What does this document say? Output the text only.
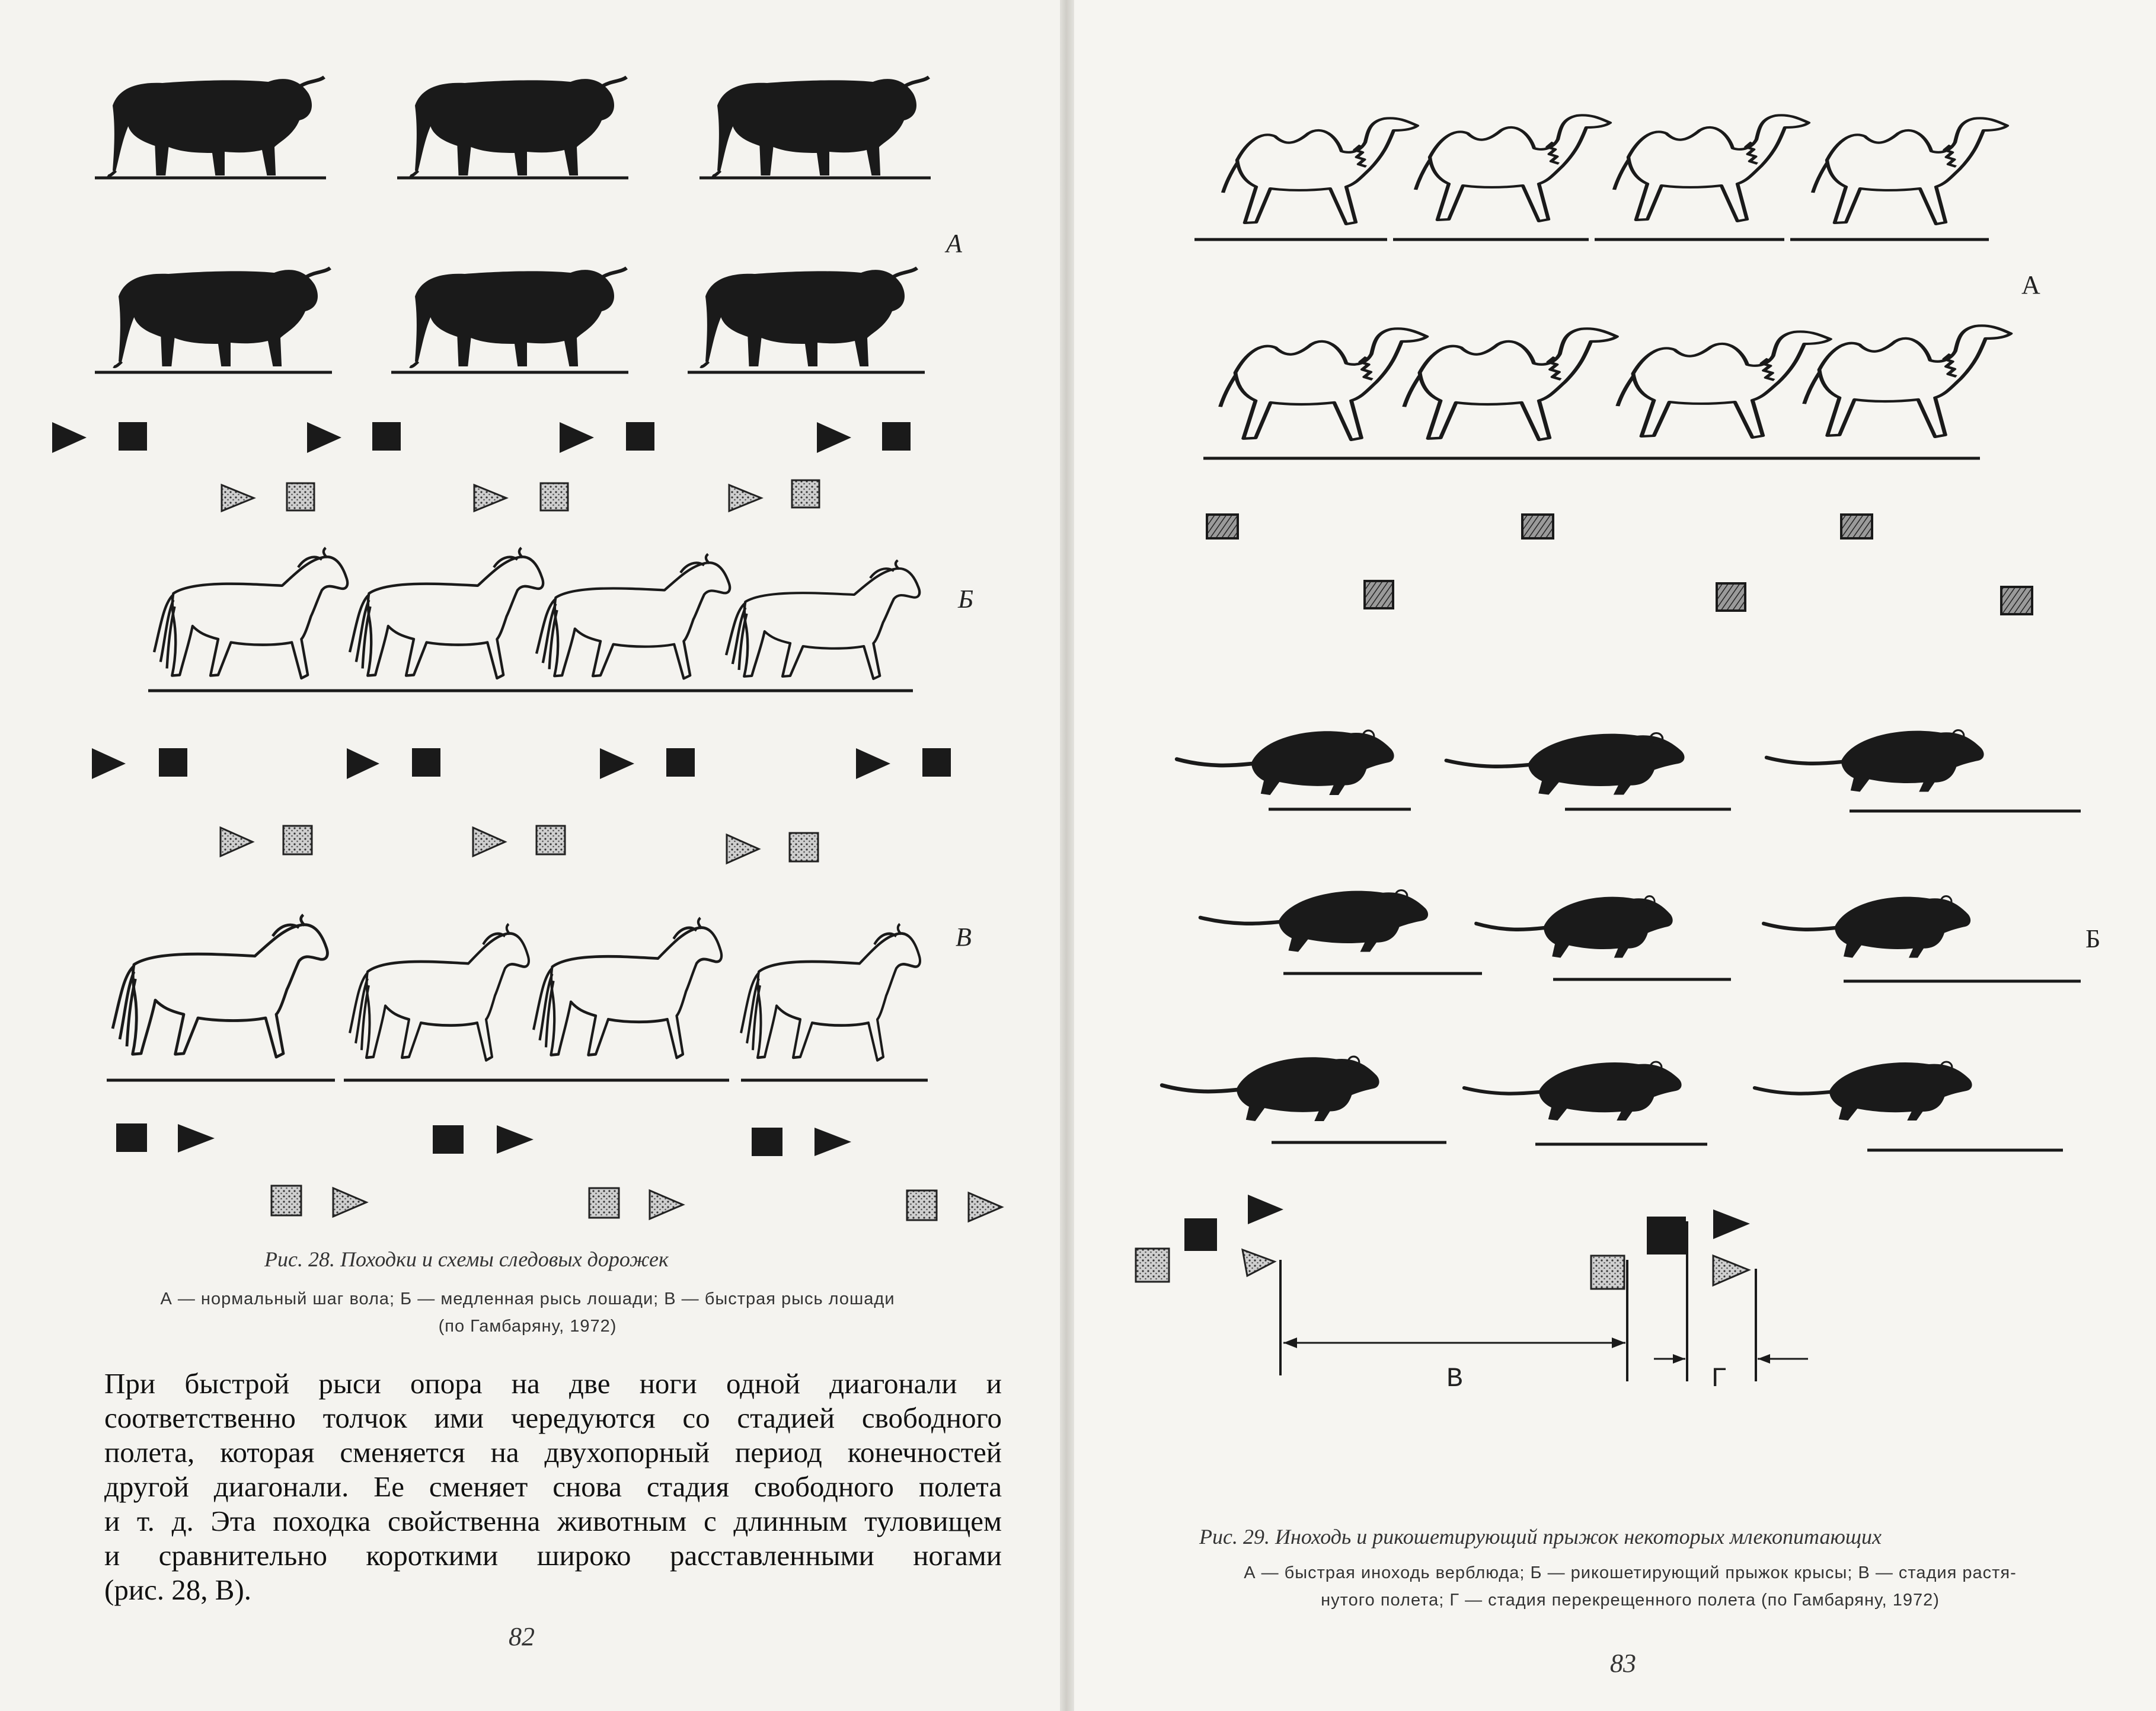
А
Б
В
Рис. 28. Походки и схемы следовых дорожек
А — нормальный шаг вола; Б — медленная рысь лошади; В — быстрая рысь лошади
(по Гамбаряну, 1972)
При быстрой рыси опора на две ноги одной диагонали и
соответственно толчок ими чередуются со стадией свободного
полета, которая сменяется на двухопорный период конечностей
другой диагонали. Ее сменяет снова стадия свободного полета
и т. д. Эта походка свойственна животным с длинным туловищем
и сравнительно короткими широко расставленными ногами
(рис. 28, В).
82
А
Б
В	Г
Рис. 29. Иноходь и рикошетирующий прыжок некоторых млекопитающих
А — быстрая иноходь верблюда; Б — рикошетирующий прыжок крысы; В — стадия растя-
нутого полета; Г — стадия перекрещенного полета (по Гамбаряну, 1972)
83
